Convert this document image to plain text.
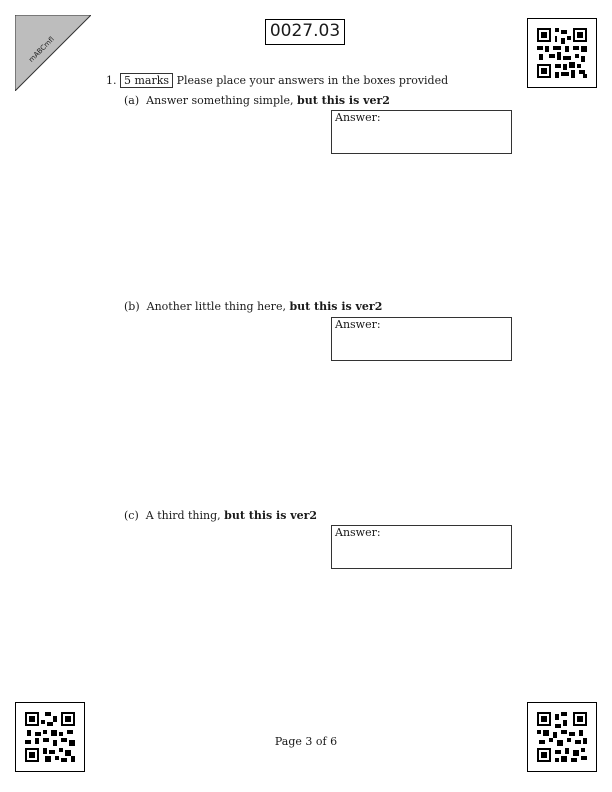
mABCmfl
0027.03
1. 5 marks Please place your answers in the boxes provided
(a) Answer something simple, but this is ver2
Answer:
(b) Another little thing here, but this is ver2
Answer:
(c) A third thing, but this is ver2
Answer:
Page 3 of 6
